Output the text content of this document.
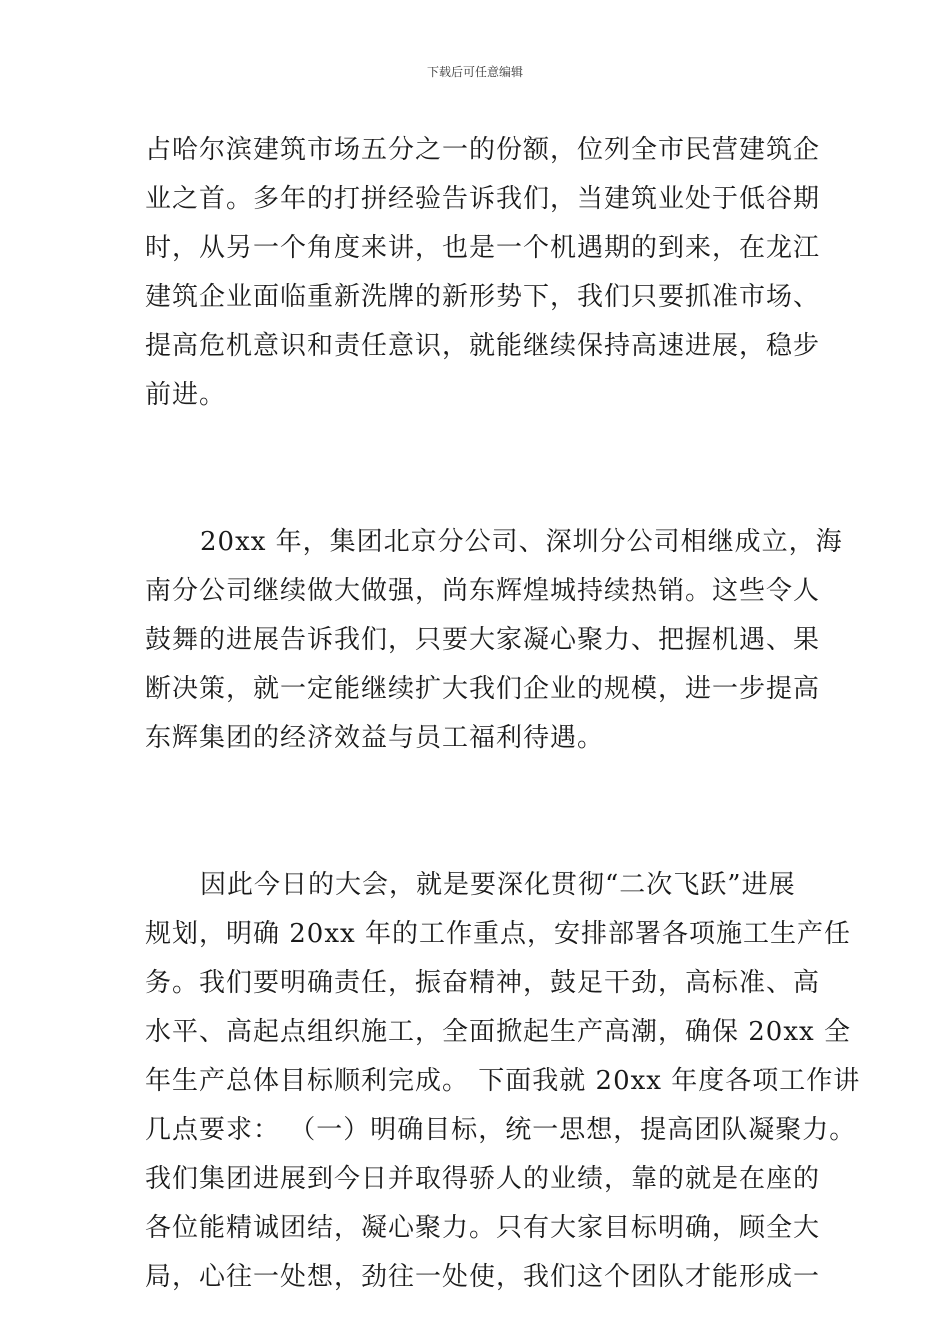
下载后可任意编辑
占哈尔滨建筑市场五分之一的份额，位列全市民营建筑企
业之首。多年的打拼经验告诉我们，当建筑业处于低谷期
时，从另一个角度来讲，也是一个机遇期的到来，在龙江
建筑企业面临重新洗牌的新形势下，我们只要抓准市场、
提高危机意识和责任意识，就能继续保持高速进展，稳步
前进。
20xx 年，集团北京分公司、深圳分公司相继成立，海
南分公司继续做大做强，尚东辉煌城持续热销。这些令人
鼓舞的进展告诉我们，只要大家凝心聚力、把握机遇、果
断决策，就一定能继续扩大我们企业的规模，进一步提高
东辉集团的经济效益与员工福利待遇。
因此今日的大会，就是要深化贯彻“二次飞跃”进展
规划，明确 20xx 年的工作重点，安排部署各项施工生产任
务。我们要明确责任，振奋精神，鼓足干劲，高标准、高
水平、高起点组织施工，全面掀起生产高潮，确保 20xx 全
年生产总体目标顺利完成。 下面我就 20xx 年度各项工作讲
几点要求： （一）明确目标，统一思想，提高团队凝聚力。
我们集团进展到今日并取得骄人的业绩，靠的就是在座的
各位能精诚团结，凝心聚力。只有大家目标明确，顾全大
局，心往一处想，劲往一处使，我们这个团队才能形成一
